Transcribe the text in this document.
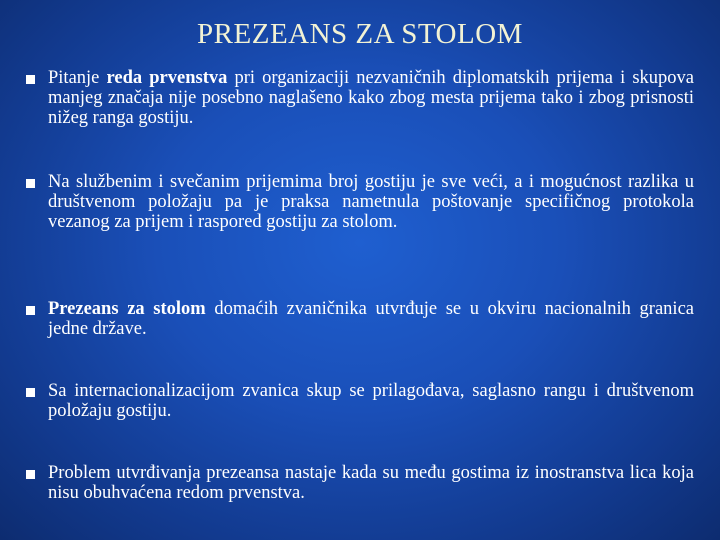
PREZEANS ZA STOLOM
Pitanje reda prvenstva pri organizaciji nezvaničnih diplomatskih prijema i skupova manjeg značaja nije posebno naglašeno kako zbog mesta prijema tako i zbog prisnosti nižeg ranga gostiju.
Na službenim i svečanim prijemima broj gostiju je sve veći, a i mogućnost razlika u društvenom položaju pa je praksa nametnula poštovanje specifičnog protokola vezanog za prijem i raspored gostiju za stolom.
Prezeans za stolom domaćih zvaničnika utvrđuje se u okviru nacionalnih granica jedne države.
Sa internacionalizacijom zvanica skup se prilagođava, saglasno rangu i društvenom položaju gostiju.
Problem utvrđivanja prezeansa nastaje kada su među gostima iz inostranstva lica koja nisu obuhvaćena redom prvenstva.
